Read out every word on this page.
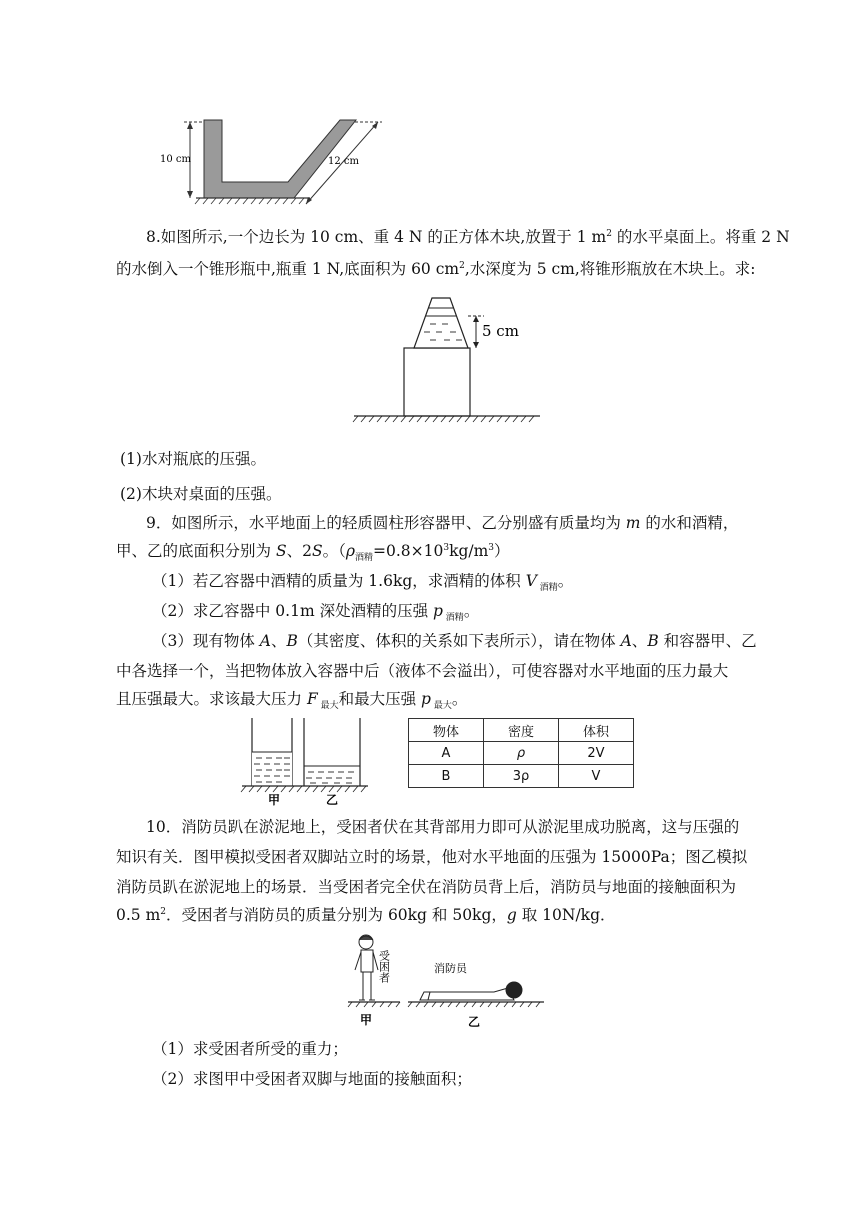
10 cm	12 cm
8.如图所示,一个边长为 10 cm、重 4 N 的正方体木块,放置于 1 $m^2$ 的水平桌面上。将重 2 N
的水倒入一个锥形瓶中,瓶重 1 N,底面积为 60 $cm^2$,水深度为 5 cm,将锥形瓶放在木块上。求:
5 cm
(1)水对瓶底的压强。
(2)木块对桌面的压强。
9．如图所示，水平地面上的轻质圆柱形容器甲、乙分别盛有质量均为 m 的水和酒精，
甲、乙的底面积分别为 S、2S。$(\rho_{酒精}=0.8\times 10^3kg/m^3)$
（1）若乙容器中酒精的质量为 1.6kg，求酒精的体积 V $_{酒精}$。
（2）求乙容器中 0.1m 深处酒精的压强 p $_{酒精}$。
（3）现有物体 A、B（其密度、体积的关系如下表所示），请在物体 A、B 和容器甲、乙
中各选择一个，当把物体放入容器中后（液体不会溢出），可使容器对水平地面的压力最大
且压强最大。求该最大压力 F $_{最大}$和最大压强 p $_{最大}$。
甲	乙
物体	密度	体积
A	ρ	2V
B	3ρ	V
10．消防员趴在淤泥地上，受困者伏在其背部用力即可从淤泥里成功脱离，这与压强的
知识有关．图甲模拟受困者双脚站立时的场景，他对水平地面的压强为 15000Pa；图乙模拟
消防员趴在淤泥地上的场景．当受困者完全伏在消防员背上后，消防员与地面的接触面积为
0.5 $m^2$．受困者与消防员的质量分别为 60kg 和 50kg，g 取 10N/kg．
受困者	消防员
甲	乙
（1）求受困者所受的重力；
（2）求图甲中受困者双脚与地面的接触面积；
